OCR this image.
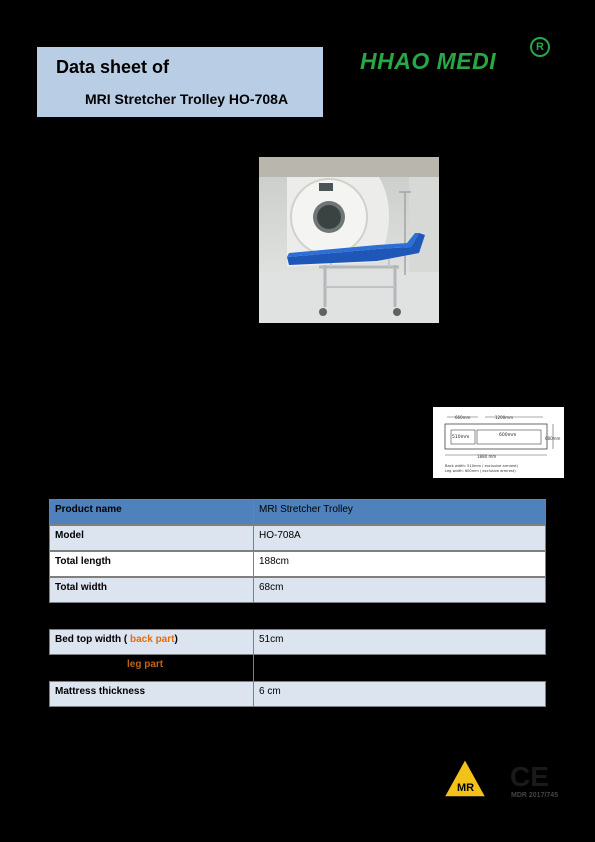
Data sheet of
MRI Stretcher Trolley HO-708A
HHAO MEDI
R
660mm	1200mm
510mm	600mm
680mm
1880 mm
Back width: 510mm ( exclusive armrest)
Leg width: 600mm ( exclusive armrest)
Product name	MRI Stretcher Trolley
Model	HO-708A
Total length	188cm
Total width	68cm
Bed top width ( back part)	51cm
leg part
Mattress thickness	6 cm
MR CE
MDR 2017/745
